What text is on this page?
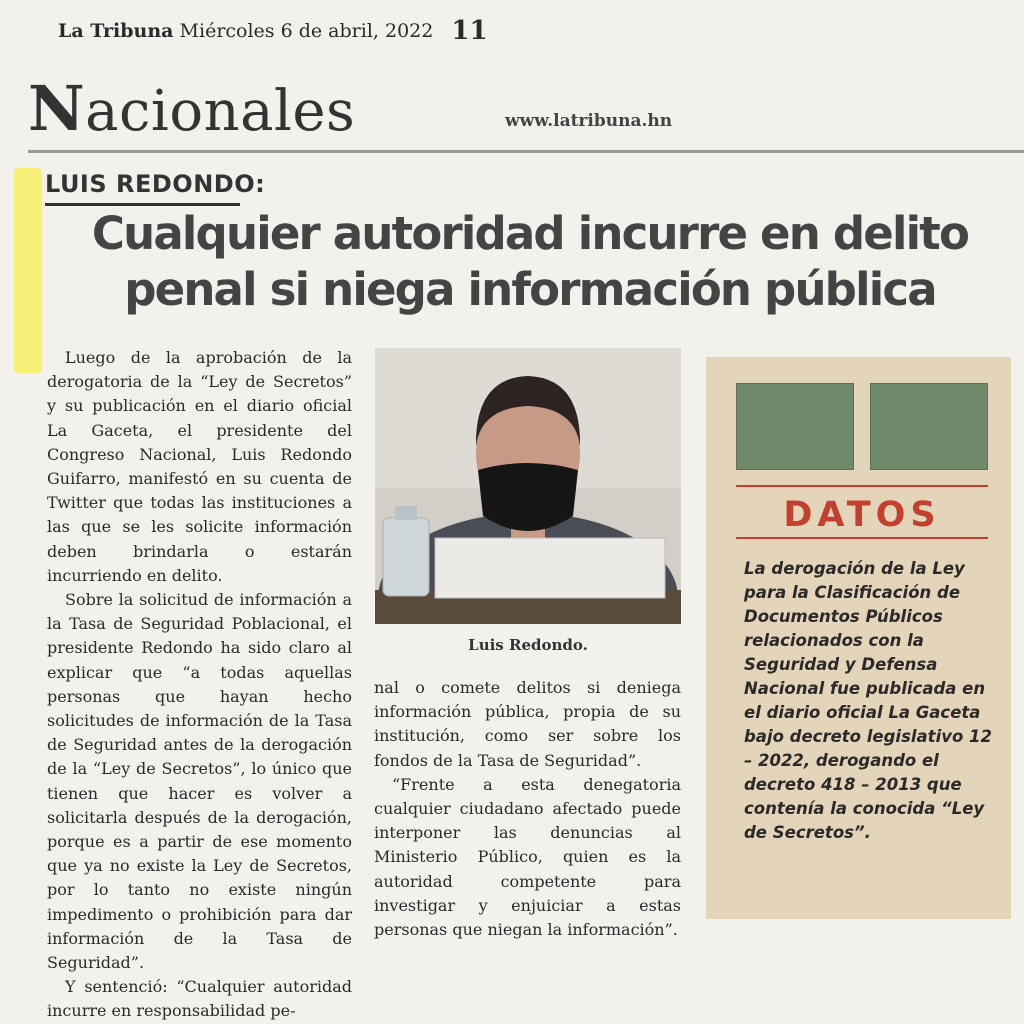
La Tribuna Miércoles 6 de abril, 2022 11
Nacionales	www.latribuna.hn
LUIS REDONDO:
Cualquier autoridad incurre en delito penal si niega información pública

Luego de la aprobación de la derogatoria de la “Ley de Secretos” y su publicación en el diario oficial La Gaceta, el presidente del Congreso Nacional, Luis Redondo Guifarro, manifestó en su cuenta de Twitter que todas las instituciones a las que se les solicite información deben brindarla o estarán incurriendo en delito.

Sobre la solicitud de información a la Tasa de Seguridad Poblacional, el presidente Redondo ha sido claro al explicar que “a todas aquellas personas que hayan hecho solicitudes de información de la Tasa de Seguridad antes de la derogación de la “Ley de Secretos”, lo único que tienen que hacer es volver a solicitarla después de la derogación, porque es a partir de ese momento que ya no existe la Ley de Secretos, por lo tanto no existe ningún impedimento o prohibición para dar información de la Tasa de Seguridad”.

Y sentenció: “Cualquier autoridad incurre en responsabilidad pe-

Luis Redondo.

nal o comete delitos si deniega información pública, propia de su institución, como ser sobre los fondos de la Tasa de Seguridad”.

“Frente a esta denegatoria cualquier ciudadano afectado puede interponer las denuncias al Ministerio Público, quien es la autoridad competente para investigar y enjuiciar a estas personas que niegan la información”.

DATOS
La derogación de la Ley para la Clasificación de Documentos Públicos relacionados con la Seguridad y Defensa Nacional fue publicada en el diario oficial La Gaceta bajo decreto legislativo 12 – 2022, derogando el decreto 418 – 2013 que contenía la conocida “Ley de Secretos”.
